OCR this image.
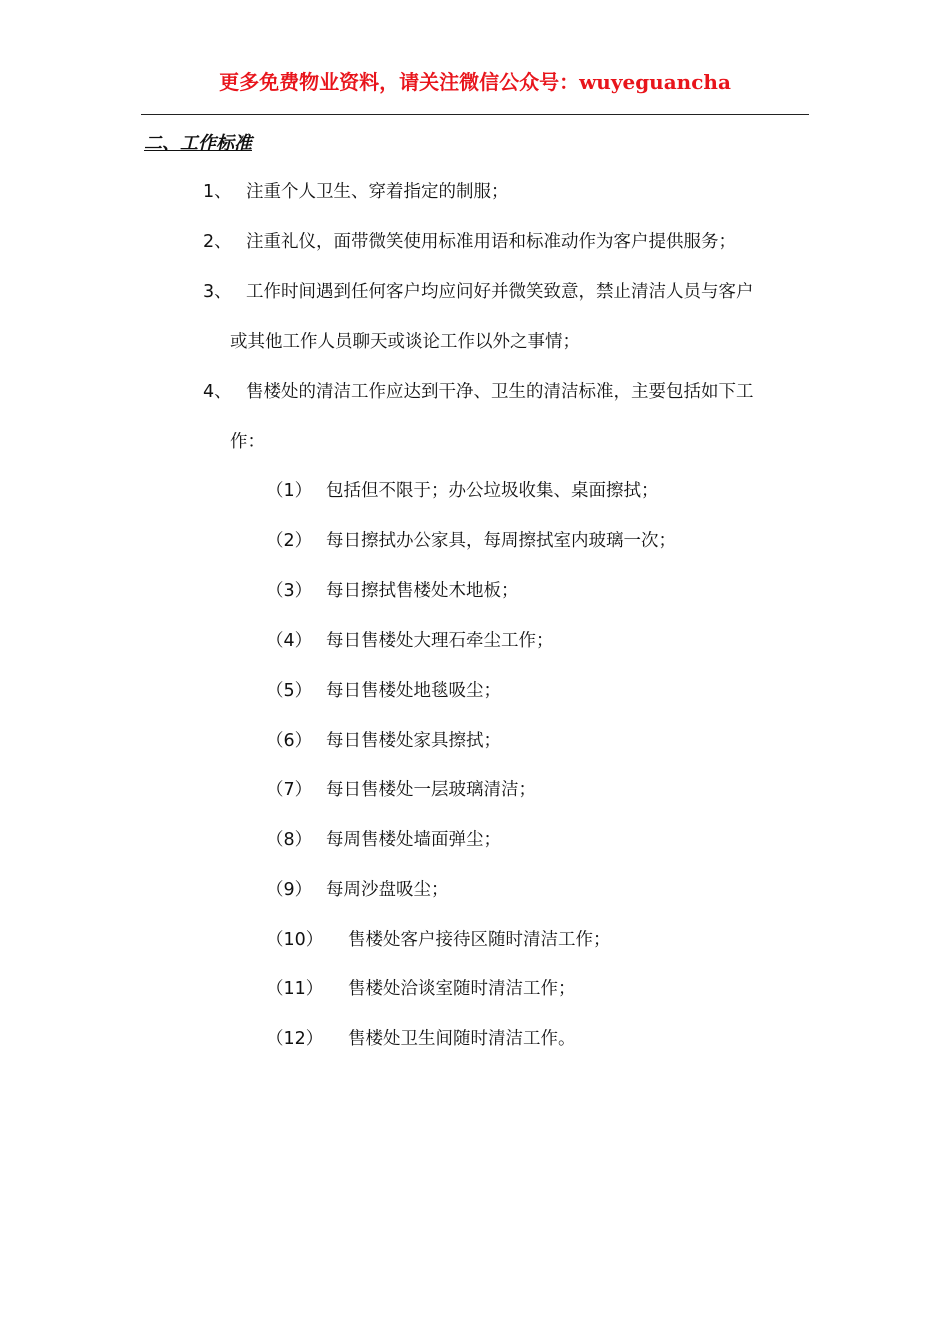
更多免费物业资料，请关注微信公众号：wuyeguancha
二、工作标准
1、 注重个人卫生、穿着指定的制服；
2、 注重礼仪，面带微笑使用标准用语和标准动作为客户提供服务；
3、 工作时间遇到任何客户均应问好并微笑致意，禁止清洁人员与客户
或其他工作人员聊天或谈论工作以外之事情；
4、 售楼处的清洁工作应达到干净、卫生的清洁标准，主要包括如下工
作：
（1） 包括但不限于；办公垃圾收集、桌面擦拭；
（2） 每日擦拭办公家具，每周擦拭室内玻璃一次；
（3） 每日擦拭售楼处木地板；
（4） 每日售楼处大理石牵尘工作；
（5） 每日售楼处地毯吸尘；
（6） 每日售楼处家具擦拭；
（7） 每日售楼处一层玻璃清洁；
（8） 每周售楼处墙面弹尘；
（9） 每周沙盘吸尘；
（10） 售楼处客户接待区随时清洁工作；
（11） 售楼处洽谈室随时清洁工作；
（12） 售楼处卫生间随时清洁工作。
